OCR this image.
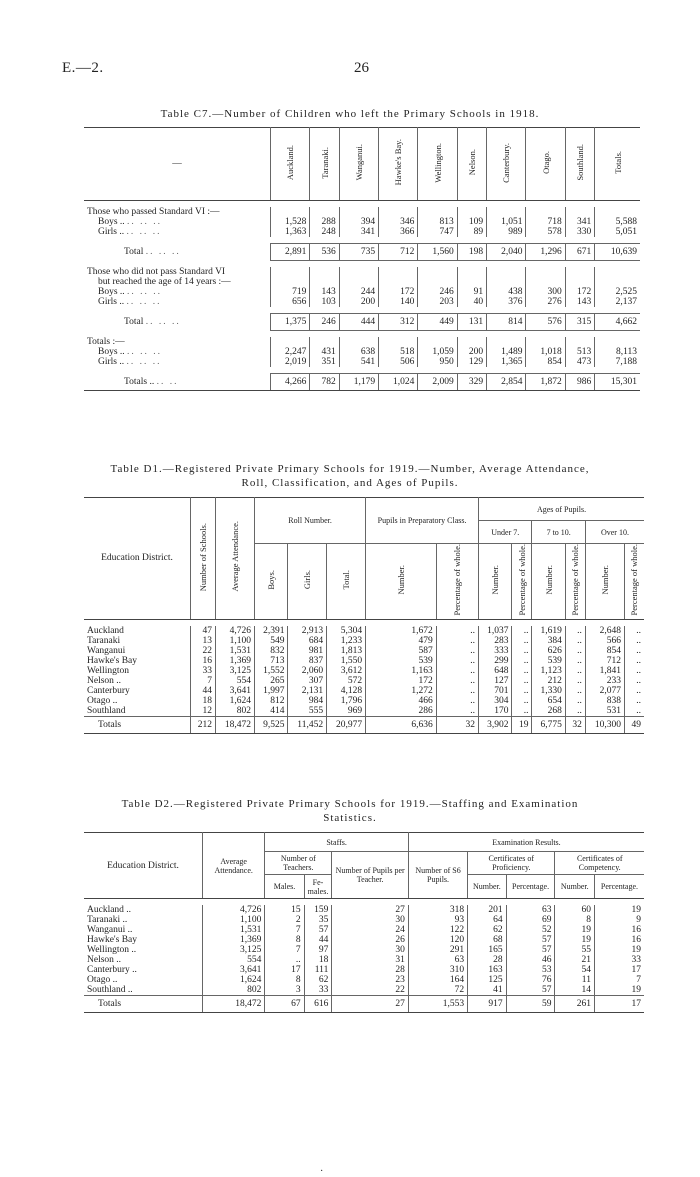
E.—2.	26
Table C7.—Number of Children who left the Primary Schools in 1918.
—	Auckland.	Taranaki.	Wanganui.	Hawke's Bay.	Wellington.	Nelson.	Canterbury.	Otago.	Southland.	Totals.

Those who passed Standard VI :—										
Boys .. .. .. ..	1,528	288	394	346	813	109	1,051	718	341	5,588
Girls .. .. .. ..	1,363	248	341	366	747	89	989	578	330	5,051

Total .. .. ..	2,891	536	735	712	1,560	198	2,040	1,296	671	10,639

Those who did not pass Standard VI										
but reached the age of 14 years :—										
Boys .. .. .. ..	719	143	244	172	246	91	438	300	172	2,525
Girls .. .. .. ..	656	103	200	140	203	40	376	276	143	2,137

Total .. .. ..	1,375	246	444	312	449	131	814	576	315	4,662

Totals :—										
Boys .. .. .. ..	2,247	431	638	518	1,059	200	1,489	1,018	513	8,113
Girls .. .. .. ..	2,019	351	541	506	950	129	1,365	854	473	7,188

Totals .. .. ..	4,266	782	1,179	1,024	2,009	329	2,854	1,872	986	15,301
Table D1.—Registered Private Primary Schools for 1919.—Number, Average Attendance,
Roll, Classification, and Ages of Pupils.
Education District.	Number of Schools.	Average Attendance.	Roll Number.			Pupils in Preparatory Class.		Ages of Pupils.					
								Under 7.		7 to 10.		Over 10.	
			Boys.	Girls.	Total.	Number.	Percentage of whole.	Number.	Percentage of whole.	Number.	Percentage of whole.	Number.	Percentage of whole.

Auckland	47	4,726	2,391	2,913	5,304	1,672	..	1,037	..	1,619	..	2,648	..
Taranaki	13	1,100	549	684	1,233	479	..	283	..	384	..	566	..
Wanganui	22	1,531	832	981	1,813	587	..	333	..	626	..	854	..
Hawke's Bay	16	1,369	713	837	1,550	539	..	299	..	539	..	712	..
Wellington	33	3,125	1,552	2,060	3,612	1,163	..	648	..	1,123	..	1,841	..
Nelson ..	7	554	265	307	572	172	..	127	..	212	..	233	..
Canterbury	44	3,641	1,997	2,131	4,128	1,272	..	701	..	1,330	..	2,077	..
Otago ..	18	1,624	812	984	1,796	466	..	304	..	654	..	838	..
Southland	12	802	414	555	969	286	..	170	..	268	..	531	..
Totals	212	18,472	9,525	11,452	20,977	6,636	32	3,902	19	6,775	32	10,300	49
Table D2.—Registered Private Primary Schools for 1919.—Staffing and Examination
Statistics.
Education District.	Average Attendance.	Staffs.			Examination Results.				
		Number of Teachers.		Number of Pupils per Teacher.	Number of S6 Pupils.	Certificates of Proficiency.		Certificates of Competency.	
		Males.	Fe-males.			Number.	Percentage.	Number.	Percentage.

Auckland ..	4,726	15	159	27	318	201	63	60	19
Taranaki ..	1,100	2	35	30	93	64	69	8	9
Wanganui ..	1,531	7	57	24	122	62	52	19	16
Hawke's Bay	1,369	8	44	26	120	68	57	19	16
Wellington ..	3,125	7	97	30	291	165	57	55	19
Nelson ..	554	..	18	31	63	28	46	21	33
Canterbury ..	3,641	17	111	28	310	163	53	54	17
Otago ..	1,624	8	62	23	164	125	76	11	7
Southland ..	802	3	33	22	72	41	57	14	19
Totals	18,472	67	616	27	1,553	917	59	261	17
·
